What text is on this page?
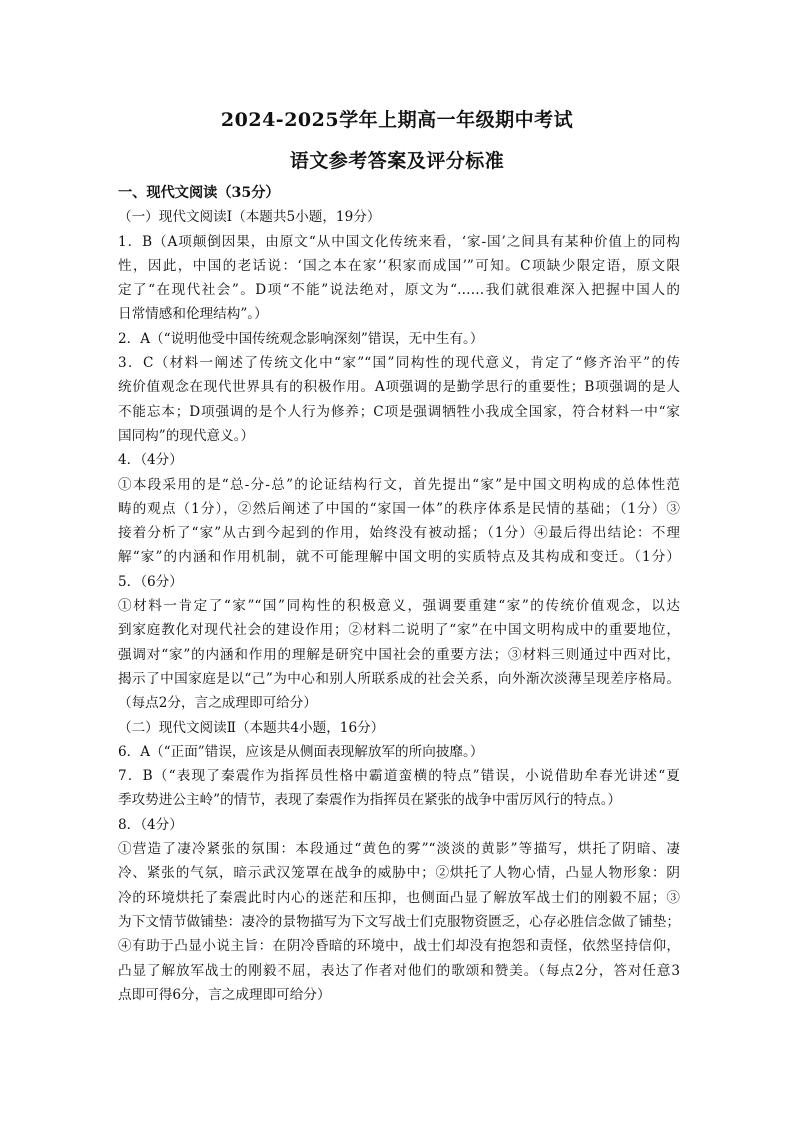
2024-2025学年上期高一年级期中考试
语文参考答案及评分标准
一、现代文阅读（35分）
（一）现代文阅读Ⅰ（本题共5小题，19分）
1．B（A项颠倒因果，由原文“从中国文化传统来看，‘家-国’之间具有某种价值上的同构
性，因此，中国的老话说：‘国之本在家’‘积家而成国’”可知。C项缺少限定语，原文限
定了“在现代社会”。D项“不能”说法绝对，原文为“……我们就很难深入把握中国人的
日常情感和伦理结构”。）
2．A（“说明他受中国传统观念影响深刻”错误，无中生有。）
3．C（材料一阐述了传统文化中“家”“国”同构性的现代意义，肯定了“修齐治平”的传
统价值观念在现代世界具有的积极作用。A项强调的是勤学思行的重要性；B项强调的是人
不能忘本；D项强调的是个人行为修养；C项是强调牺牲小我成全国家，符合材料一中“家
国同构”的现代意义。）
4．（4分）
①本段采用的是“总-分-总”的论证结构行文，首先提出“家”是中国文明构成的总体性范
畴的观点（1分），②然后阐述了中国的“家国一体”的秩序体系是民情的基础；（1分）③
接着分析了“家”从古到今起到的作用，始终没有被动摇；（1分）④最后得出结论：不理
解“家”的内涵和作用机制，就不可能理解中国文明的实质特点及其构成和变迁。（1分）
5．（6分）
①材料一肯定了“家”“国”同构性的积极意义，强调要重建“家”的传统价值观念，以达
到家庭教化对现代社会的建设作用；②材料二说明了“家”在中国文明构成中的重要地位，
强调对“家”的内涵和作用的理解是研究中国社会的重要方法；③材料三则通过中西对比，
揭示了中国家庭是以“己”为中心和别人所联系成的社会关系，向外渐次淡薄呈现差序格局。
（每点2分，言之成理即可给分）
（二）现代文阅读Ⅱ（本题共4小题，16分）
6．A（“正面”错误，应该是从侧面表现解放军的所向披靡。）
7．B（“表现了秦震作为指挥员性格中霸道蛮横的特点”错误，小说借助牟春光讲述“夏
季攻势进公主岭”的情节，表现了秦震作为指挥员在紧张的战争中雷厉风行的特点。）
8．（4分）
①营造了凄冷紧张的氛围：本段通过“黄色的雾”“淡淡的黄影”等描写，烘托了阴暗、凄
冷、紧张的气氛，暗示武汉笼罩在战争的威胁中；②烘托了人物心情，凸显人物形象：阴
冷的环境烘托了秦震此时内心的迷茫和压抑，也侧面凸显了解放军战士们的刚毅不屈；③
为下文情节做铺垫：凄冷的景物描写为下文写战士们克服物资匮乏，心存必胜信念做了铺垫；
④有助于凸显小说主旨：在阴冷昏暗的环境中，战士们却没有抱怨和责怪，依然坚持信仰，
凸显了解放军战士的刚毅不屈，表达了作者对他们的歌颂和赞美。（每点2分，答对任意3
点即可得6分，言之成理即可给分）
